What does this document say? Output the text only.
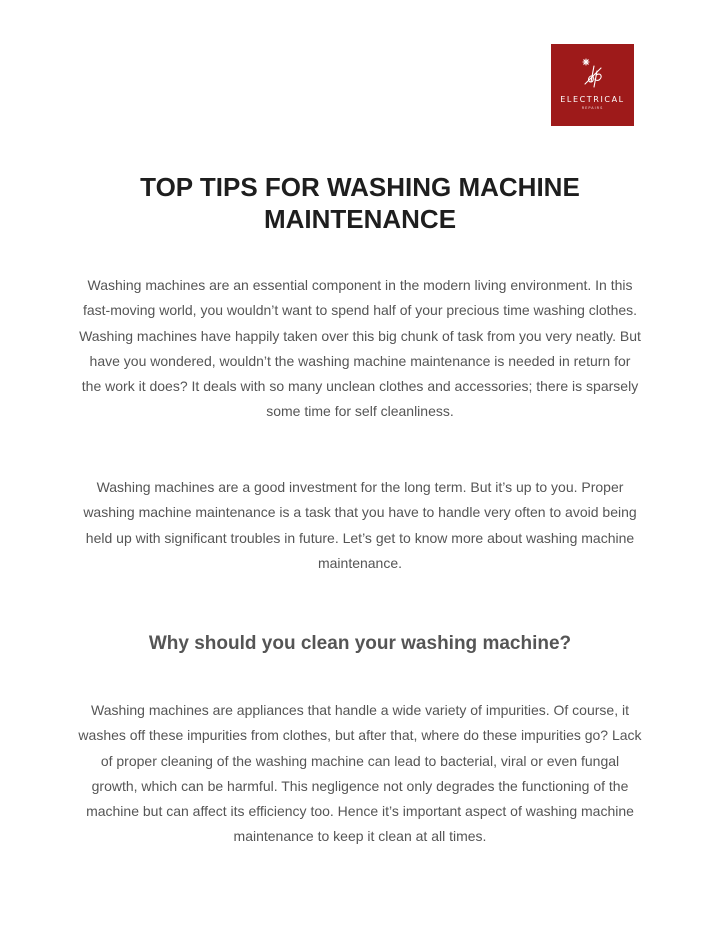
ELECTRICAL
REPAIRS
TOP TIPS FOR WASHING MACHINE MAINTENANCE

Washing machines are an essential component in the modern living environment. In this fast-moving world, you wouldn’t want to spend half of your precious time washing clothes. Washing machines have happily taken over this big chunk of task from you very neatly. But have you wondered, wouldn’t the washing machine maintenance is needed in return for the work it does? It deals with so many unclean clothes and accessories; there is sparsely some time for self cleanliness.

Washing machines are a good investment for the long term. But it’s up to you. Proper washing machine maintenance is a task that you have to handle very often to avoid being held up with significant troubles in future. Let’s get to know more about washing machine maintenance.

Why should you clean your washing machine?

Washing machines are appliances that handle a wide variety of impurities. Of course, it washes off these impurities from clothes, but after that, where do these impurities go? Lack of proper cleaning of the washing machine can lead to bacterial, viral or even fungal growth, which can be harmful. This negligence not only degrades the functioning of the machine but can affect its efficiency too. Hence it’s important aspect of washing machine maintenance to keep it clean at all times.
